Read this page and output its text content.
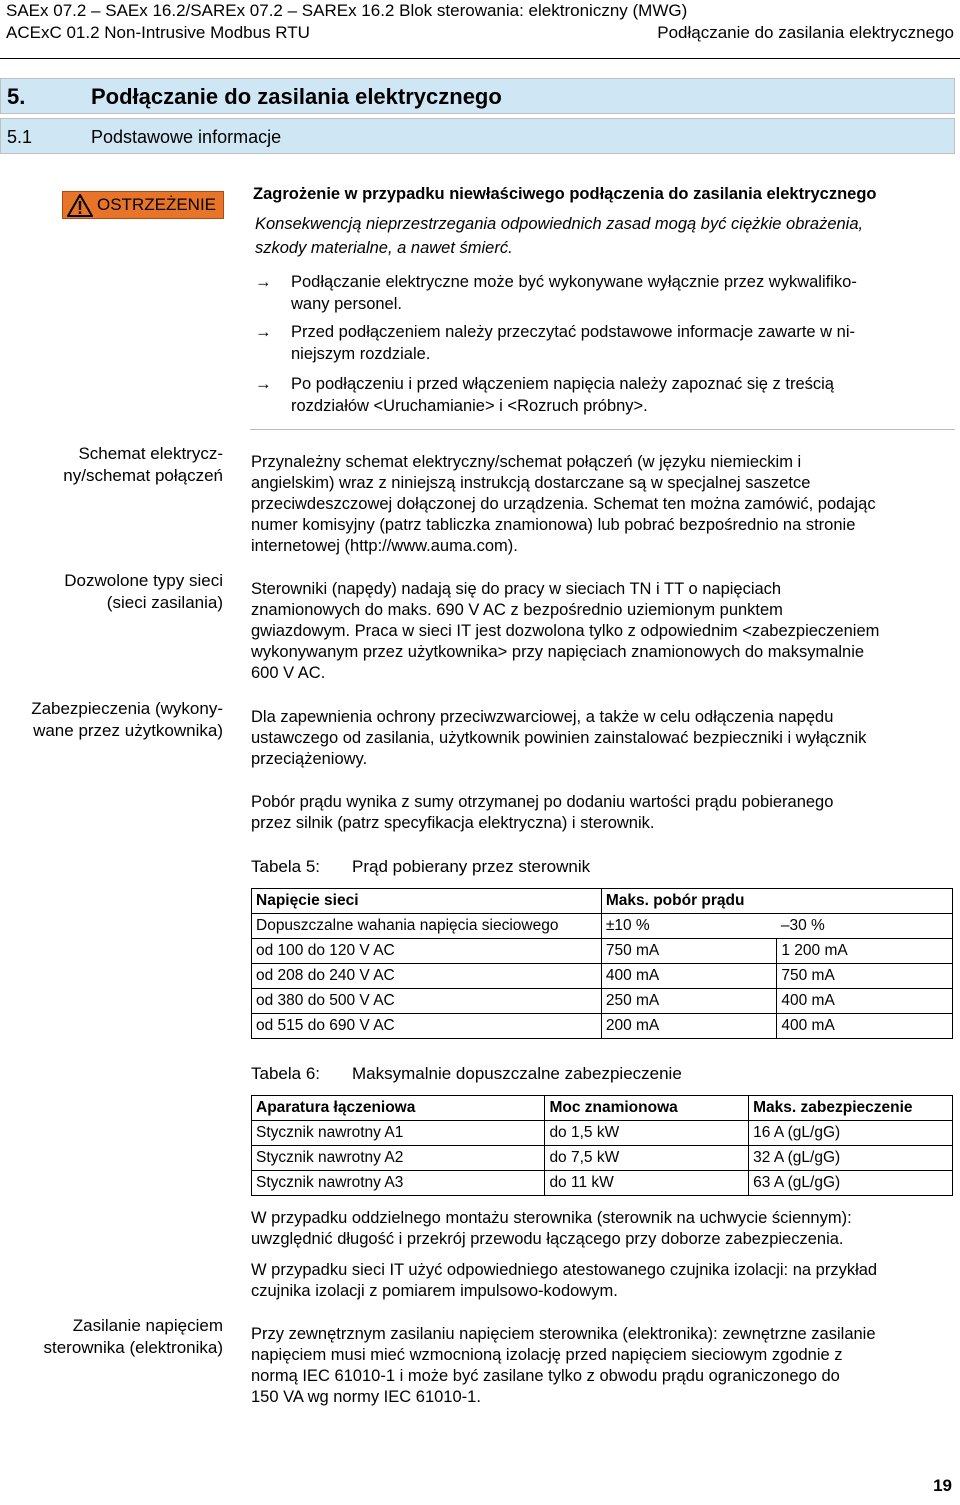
SAEx 07.2 – SAEx 16.2/SAREx 07.2 – SAREx 16.2 Blok sterowania: elektroniczny (MWG)
ACExC 01.2 Non-Intrusive Modbus RTU	Podłączanie do zasilania elektrycznego
5.	Podłączanie do zasilania elektrycznego
5.1	Podstawowe informacje
OSTRZEŻENIE
Zagrożenie w przypadku niewłaściwego podłączenia do zasilania elektrycznego
Konsekwencją nieprzestrzegania odpowiednich zasad mogą być ciężkie obrażenia,
szkody materialne, a nawet śmierć.
→	Podłączanie elektryczne może być wykonywane wyłącznie przez wykwalifiko-
wany personel.
→	Przed podłączeniem należy przeczytać podstawowe informacje zawarte w ni-
niejszym rozdziale.
→	Po podłączeniu i przed włączeniem napięcia należy zapoznać się z treścią
rozdziałów <Uruchamianie> i <Rozruch próbny>.
Schemat elektrycz-
ny/schemat połączeń
Dozwolone typy sieci
(sieci zasilania)
Zabezpieczenia (wykony-
wane przez użytkownika)
Zasilanie napięciem
sterownika (elektronika)
Przynależny schemat elektryczny/schemat połączeń (w języku niemieckim i
angielskim) wraz z niniejszą instrukcją dostarczane są w specjalnej saszetce
przeciwdeszczowej dołączonej do urządzenia. Schemat ten można zamówić, podając
numer komisyjny (patrz tabliczka znamionowa) lub pobrać bezpośrednio na stronie
internetowej (http://www.auma.com).
Sterowniki (napędy) nadają się do pracy w sieciach TN i TT o napięciach
znamionowych do maks. 690 V AC z bezpośrednio uziemionym punktem
gwiazdowym. Praca w sieci IT jest dozwolona tylko z odpowiednim <zabezpieczeniem
wykonywanym przez użytkownika> przy napięciach znamionowych do maksymalnie
600 V AC.
Dla zapewnienia ochrony przeciwzwarciowej, a także w celu odłączenia napędu
ustawczego od zasilania, użytkownik powinien zainstalować bezpieczniki i wyłącznik
przeciążeniowy.
Pobór prądu wynika z sumy otrzymanej po dodaniu wartości prądu pobieranego
przez silnik (patrz specyfikacja elektryczna) i sterownik.
Tabela 5: Prąd pobierany przez sterownik
Napięcie sieci	Maks. pobór prądu	
Dopuszczalne wahania napięcia sieciowego	±10 %	–30 %
od 100 do 120 V AC	750 mA	1 200 mA
od 208 do 240 V AC	400 mA	750 mA
od 380 do 500 V AC	250 mA	400 mA
od 515 do 690 V AC	200 mA	400 mA
Tabela 6: Maksymalnie dopuszczalne zabezpieczenie
Aparatura łączeniowa	Moc znamionowa	Maks. zabezpieczenie
Stycznik nawrotny A1	do 1,5 kW	16 A (gL/gG)
Stycznik nawrotny A2	do 7,5 kW	32 A (gL/gG)
Stycznik nawrotny A3	do 11 kW	63 A (gL/gG)
W przypadku oddzielnego montażu sterownika (sterownik na uchwycie ściennym):
uwzględnić długość i przekrój przewodu łączącego przy doborze zabezpieczenia.
W przypadku sieci IT użyć odpowiedniego atestowanego czujnika izolacji: na przykład
czujnika izolacji z pomiarem impulsowo-kodowym.
Przy zewnętrznym zasilaniu napięciem sterownika (elektronika): zewnętrzne zasilanie
napięciem musi mieć wzmocnioną izolację przed napięciem sieciowym zgodnie z
normą IEC 61010-1 i może być zasilane tylko z obwodu prądu ograniczonego do
150 VA wg normy IEC 61010-1.
19
